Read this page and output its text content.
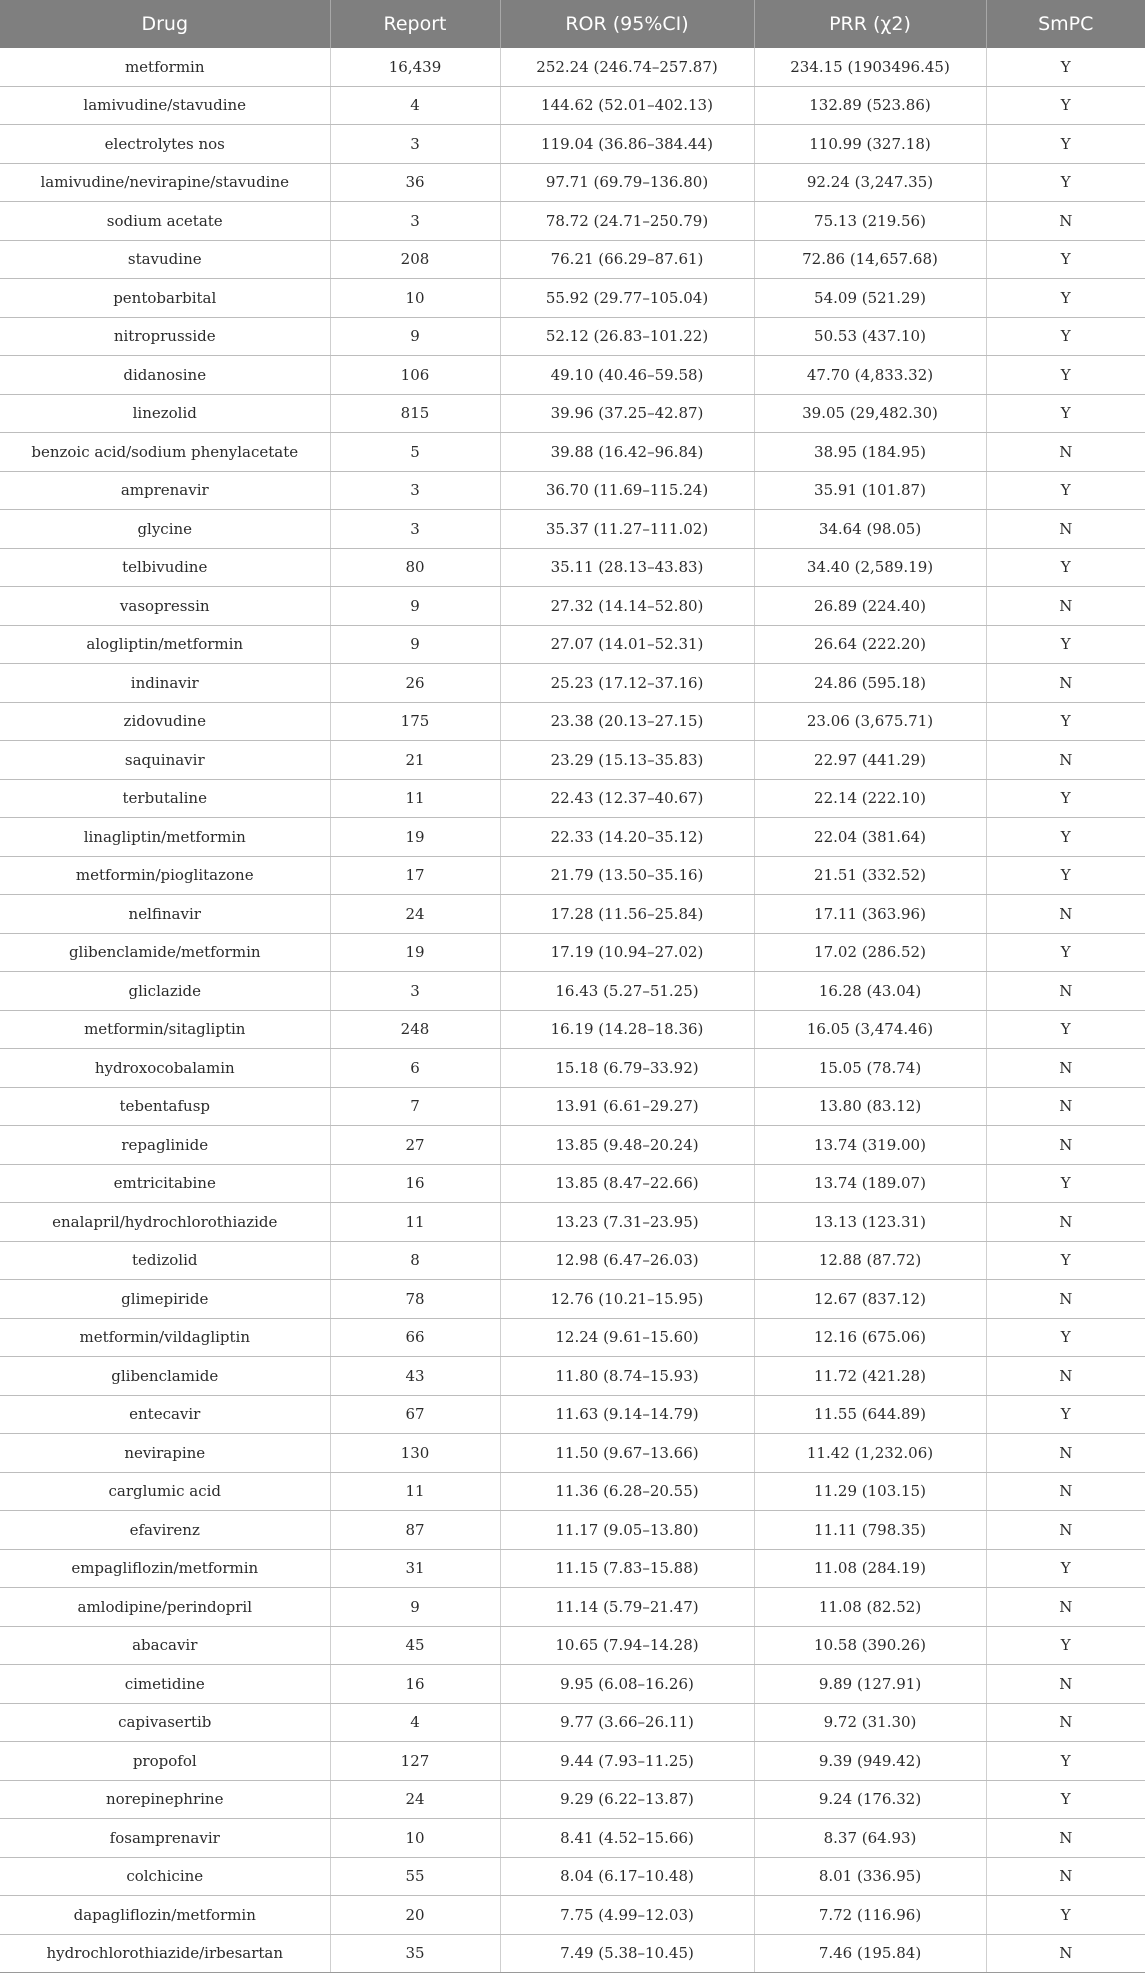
Drug	Report	ROR (95%CI)	PRR (χ2)	SmPC
metformin	16,439	252.24 (246.74–257.87)	234.15 (1903496.45)	Y
lamivudine/stavudine	4	144.62 (52.01–402.13)	132.89 (523.86)	Y
electrolytes nos	3	119.04 (36.86–384.44)	110.99 (327.18)	Y
lamivudine/nevirapine/stavudine	36	97.71 (69.79–136.80)	92.24 (3,247.35)	Y
sodium acetate	3	78.72 (24.71–250.79)	75.13 (219.56)	N
stavudine	208	76.21 (66.29–87.61)	72.86 (14,657.68)	Y
pentobarbital	10	55.92 (29.77–105.04)	54.09 (521.29)	Y
nitroprusside	9	52.12 (26.83–101.22)	50.53 (437.10)	Y
didanosine	106	49.10 (40.46–59.58)	47.70 (4,833.32)	Y
linezolid	815	39.96 (37.25–42.87)	39.05 (29,482.30)	Y
benzoic acid/sodium phenylacetate	5	39.88 (16.42–96.84)	38.95 (184.95)	N
amprenavir	3	36.70 (11.69–115.24)	35.91 (101.87)	Y
glycine	3	35.37 (11.27–111.02)	34.64 (98.05)	N
telbivudine	80	35.11 (28.13–43.83)	34.40 (2,589.19)	Y
vasopressin	9	27.32 (14.14–52.80)	26.89 (224.40)	N
alogliptin/metformin	9	27.07 (14.01–52.31)	26.64 (222.20)	Y
indinavir	26	25.23 (17.12–37.16)	24.86 (595.18)	N
zidovudine	175	23.38 (20.13–27.15)	23.06 (3,675.71)	Y
saquinavir	21	23.29 (15.13–35.83)	22.97 (441.29)	N
terbutaline	11	22.43 (12.37–40.67)	22.14 (222.10)	Y
linagliptin/metformin	19	22.33 (14.20–35.12)	22.04 (381.64)	Y
metformin/pioglitazone	17	21.79 (13.50–35.16)	21.51 (332.52)	Y
nelfinavir	24	17.28 (11.56–25.84)	17.11 (363.96)	N
glibenclamide/metformin	19	17.19 (10.94–27.02)	17.02 (286.52)	Y
gliclazide	3	16.43 (5.27–51.25)	16.28 (43.04)	N
metformin/sitagliptin	248	16.19 (14.28–18.36)	16.05 (3,474.46)	Y
hydroxocobalamin	6	15.18 (6.79–33.92)	15.05 (78.74)	N
tebentafusp	7	13.91 (6.61–29.27)	13.80 (83.12)	N
repaglinide	27	13.85 (9.48–20.24)	13.74 (319.00)	N
emtricitabine	16	13.85 (8.47–22.66)	13.74 (189.07)	Y
enalapril/hydrochlorothiazide	11	13.23 (7.31–23.95)	13.13 (123.31)	N
tedizolid	8	12.98 (6.47–26.03)	12.88 (87.72)	Y
glimepiride	78	12.76 (10.21–15.95)	12.67 (837.12)	N
metformin/vildagliptin	66	12.24 (9.61–15.60)	12.16 (675.06)	Y
glibenclamide	43	11.80 (8.74–15.93)	11.72 (421.28)	N
entecavir	67	11.63 (9.14–14.79)	11.55 (644.89)	Y
nevirapine	130	11.50 (9.67–13.66)	11.42 (1,232.06)	N
carglumic acid	11	11.36 (6.28–20.55)	11.29 (103.15)	N
efavirenz	87	11.17 (9.05–13.80)	11.11 (798.35)	N
empagliflozin/metformin	31	11.15 (7.83–15.88)	11.08 (284.19)	Y
amlodipine/perindopril	9	11.14 (5.79–21.47)	11.08 (82.52)	N
abacavir	45	10.65 (7.94–14.28)	10.58 (390.26)	Y
cimetidine	16	9.95 (6.08–16.26)	9.89 (127.91)	N
capivasertib	4	9.77 (3.66–26.11)	9.72 (31.30)	N
propofol	127	9.44 (7.93–11.25)	9.39 (949.42)	Y
norepinephrine	24	9.29 (6.22–13.87)	9.24 (176.32)	Y
fosamprenavir	10	8.41 (4.52–15.66)	8.37 (64.93)	N
colchicine	55	8.04 (6.17–10.48)	8.01 (336.95)	N
dapagliflozin/metformin	20	7.75 (4.99–12.03)	7.72 (116.96)	Y
hydrochlorothiazide/irbesartan	35	7.49 (5.38–10.45)	7.46 (195.84)	N
